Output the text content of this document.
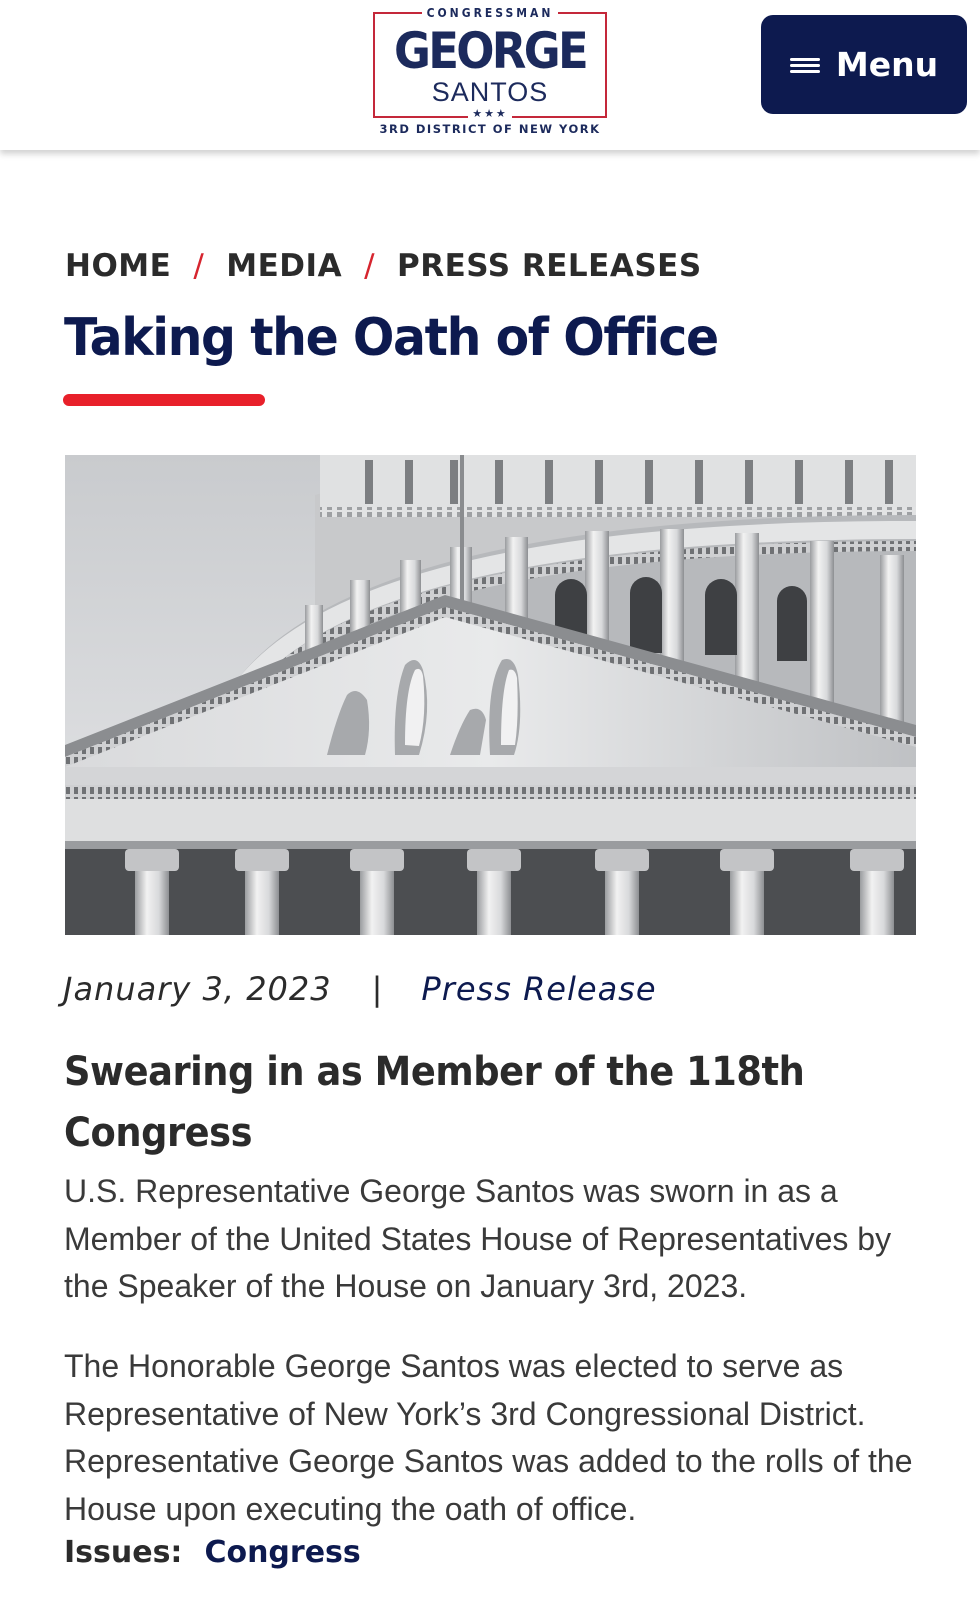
CONGRESSMAN
GEORGE
SANTOS
★★★
3RD DISTRICT OF NEW YORK
Menu
HOME / MEDIA / PRESS RELEASES
Taking the Oath of Office
January 3, 2023 | Press Release
Swearing in as Member of the 118th Congress

U.S. Representative George Santos was sworn in as a Member of the United States House of Representatives by the Speaker of the House on January 3rd, 2023.

The Honorable George Santos was elected to serve as Representative of New York’s 3rd Congressional District. Representative George Santos was added to the rolls of the House upon executing the oath of office.

Issues: Congress
